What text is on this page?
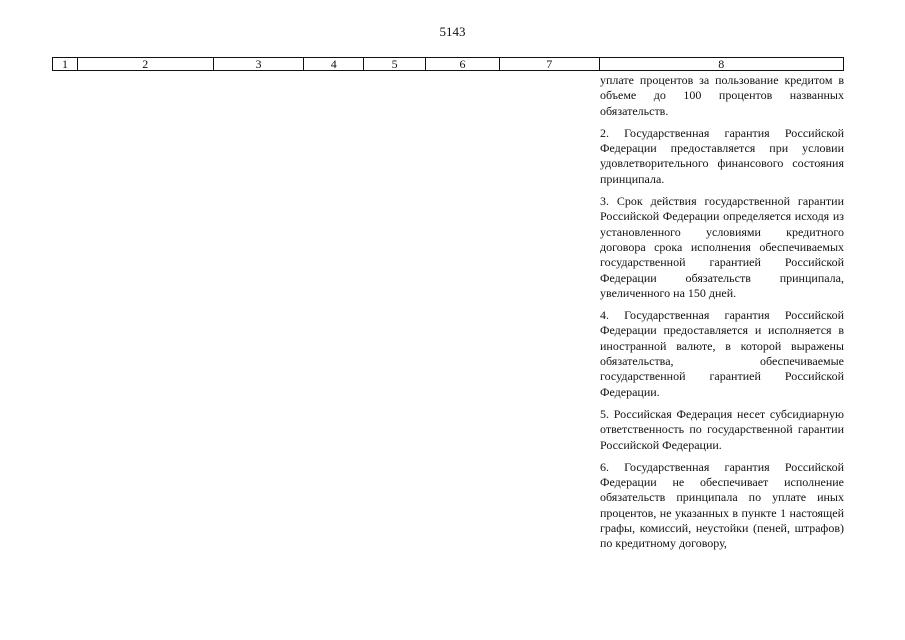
5143
1	2	3	4	5	6	7	8

уплате процентов за пользование кредитом в объеме до 100 процентов названных обязательств.

2. Государственная гарантия Российской Федерации предоставляется при условии удовлетворительного финансового состояния принципала.

3. Срок действия государственной гарантии Российской Федерации определяется исходя из установленного условиями кредитного договора срока исполнения обеспечиваемых государственной гарантией Российской Федерации обязательств принципала, увеличенного на 150 дней.

4. Государственная гарантия Российской Федерации предоставляется и исполняется в иностранной валюте, в которой выражены обязательства, обеспечиваемые государственной гарантией Российской Федерации.

5. Российская Федерация несет субсидиарную ответственность по государственной гарантии Российской Федерации.

6. Государственная гарантия Российской Федерации не обеспечивает исполнение обязательств принципала по уплате иных процентов, не указанных в пункте 1 настоящей графы, комиссий, неустойки (пеней, штрафов) по кредитному договору,
